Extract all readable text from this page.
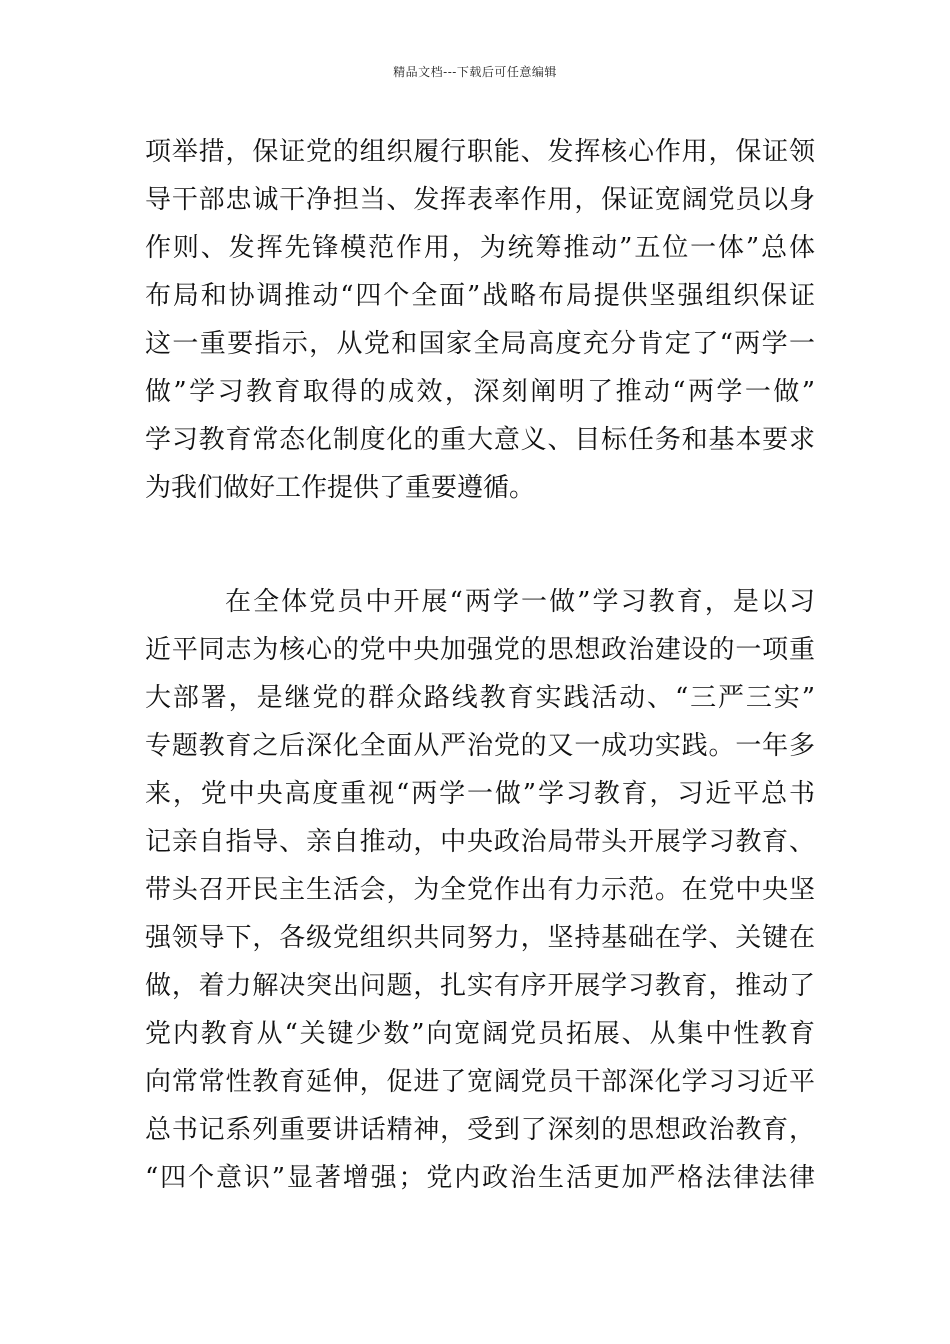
精品文档---下载后可任意编辑
项举措，保证党的组织履行职能、发挥核心作用，保证领
导干部忠诚干净担当、发挥表率作用，保证宽阔党员以身
作则、发挥先锋模范作用，为统筹推动”五位一体”总体
布局和协调推动“四个全面”战略布局提供坚强组织保证
这一重要指示，从党和国家全局高度充分肯定了“两学一
做”学习教育取得的成效，深刻阐明了推动“两学一做”
学习教育常态化制度化的重大意义、目标任务和基本要求
为我们做好工作提供了重要遵循。
在全体党员中开展“两学一做”学习教育，是以习
近平同志为核心的党中央加强党的思想政治建设的一项重
大部署，是继党的群众路线教育实践活动、“三严三实”
专题教育之后深化全面从严治党的又一成功实践。一年多
来，党中央高度重视“两学一做”学习教育，习近平总书
记亲自指导、亲自推动，中央政治局带头开展学习教育、
带头召开民主生活会，为全党作出有力示范。在党中央坚
强领导下，各级党组织共同努力，坚持基础在学、关键在
做，着力解决突出问题，扎实有序开展学习教育，推动了
党内教育从“关键少数”向宽阔党员拓展、从集中性教育
向常常性教育延伸，促进了宽阔党员干部深化学习习近平
总书记系列重要讲话精神，受到了深刻的思想政治教育，
“四个意识”显著增强；党内政治生活更加严格法律法律
